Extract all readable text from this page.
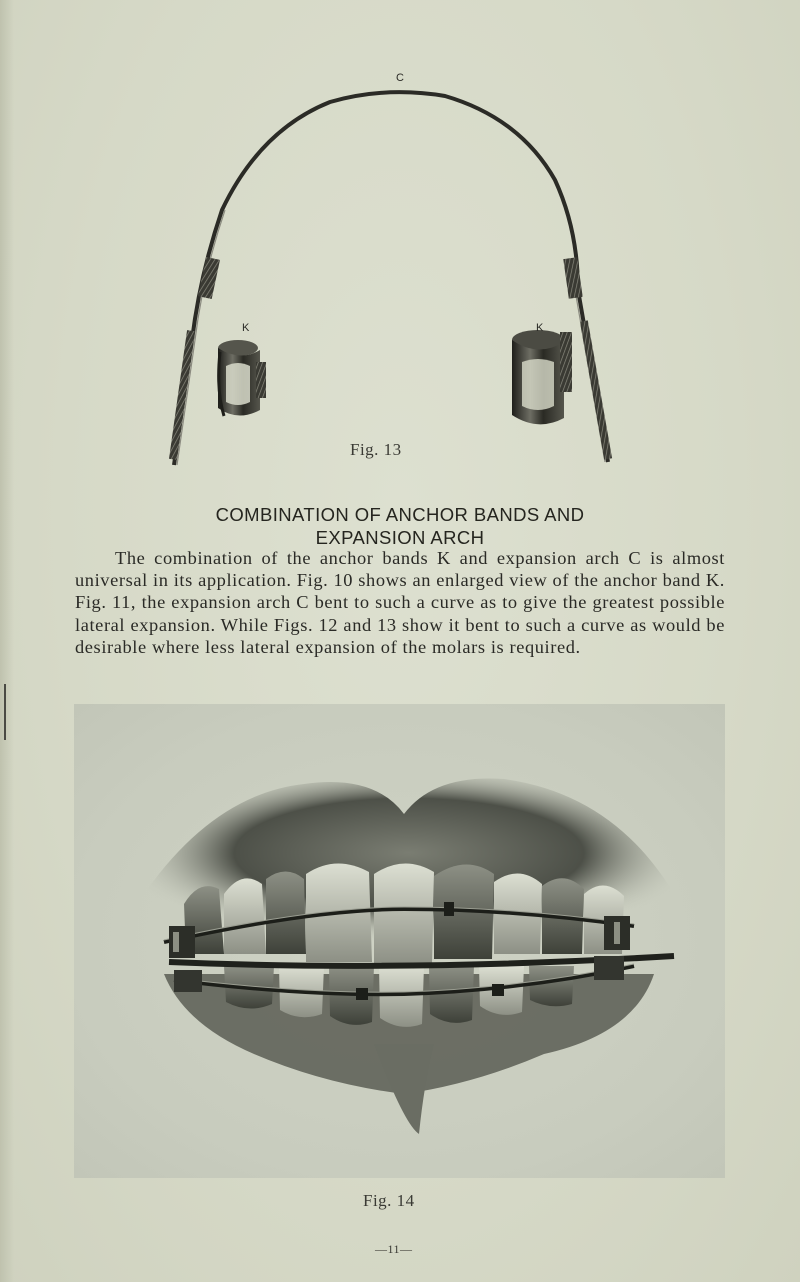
C
K	K
Fig. 13
COMBINATION OF ANCHOR BANDS AND
EXPANSION ARCH
The combination of the anchor bands K and expansion arch C is almost universal in its application. Fig. 10 shows an enlarged view of the anchor band K. Fig. 11, the expansion arch C bent to such a curve as to give the greatest possible lateral expansion. While Figs. 12 and 13 show it bent to such a curve as would be desirable where less lateral expansion of the molars is required.
Fig. 14
—11—
